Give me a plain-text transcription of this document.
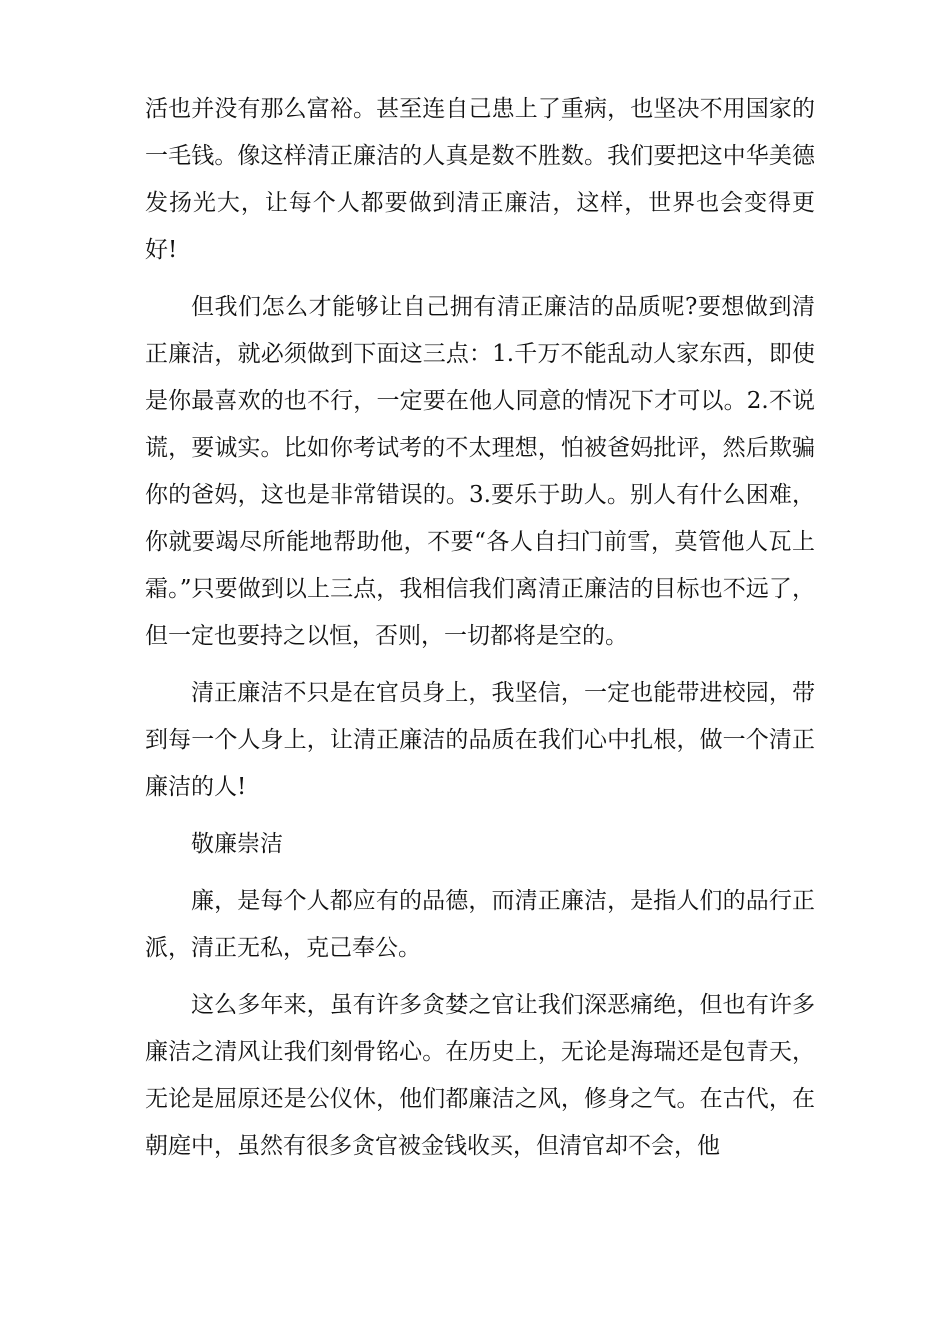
活也并没有那么富裕。甚至连自己患上了重病，也坚决不用国家的一毛钱。像这样清正廉洁的人真是数不胜数。我们要把这中华美德发扬光大，让每个人都要做到清正廉洁，这样，世界也会变得更好!

但我们怎么才能够让自己拥有清正廉洁的品质呢?要想做到清正廉洁，就必须做到下面这三点：1.千万不能乱动人家东西，即使是你最喜欢的也不行，一定要在他人同意的情况下才可以。2.不说谎，要诚实。比如你考试考的不太理想，怕被爸妈批评，然后欺骗你的爸妈，这也是非常错误的。3.要乐于助人。别人有什么困难，你就要竭尽所能地帮助他，不要“各人自扫门前雪，莫管他人瓦上霜。”只要做到以上三点，我相信我们离清正廉洁的目标也不远了，但一定也要持之以恒，否则，一切都将是空的。

清正廉洁不只是在官员身上，我坚信，一定也能带进校园，带到每一个人身上，让清正廉洁的品质在我们心中扎根，做一个清正廉洁的人!

敬廉崇洁

廉，是每个人都应有的品德，而清正廉洁，是指人们的品行正派，清正无私，克己奉公。

这么多年来，虽有许多贪婪之官让我们深恶痛绝，但也有许多廉洁之清风让我们刻骨铭心。在历史上，无论是海瑞还是包青天，无论是屈原还是公仪休，他们都廉洁之风，修身之气。在古代，在朝庭中，虽然有很多贪官被金钱收买，但清官却不会，他
